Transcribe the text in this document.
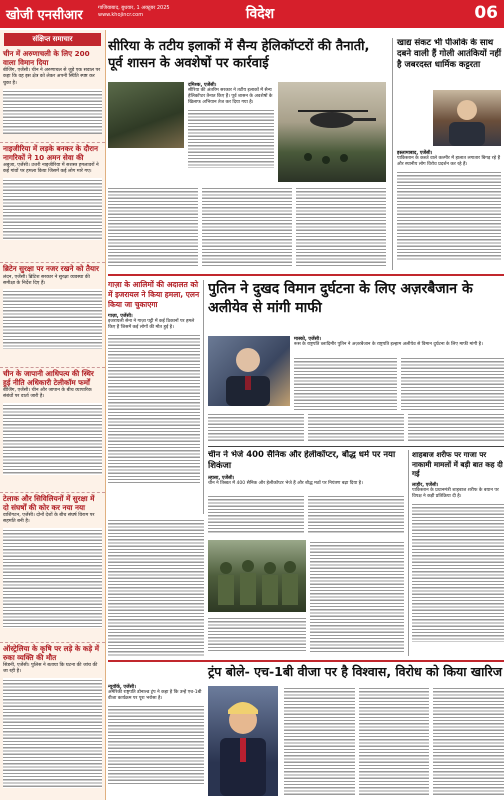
खोजी एनसीआर	गाजियाबाद, बुधवार, 1 अक्टूबर 2025
www.khojincr.com	विदेश	06
संक्षिप्त समाचार
चीन में अरुणाचली के लिए 200 वाला विमान दिया
बीजिंग, एजेंसी। चीन ने अरुणाचल से जुड़े एक सवाल पर कहा कि वह इस क्षेत्र को लेकर अपनी स्थिति स्पष्ट कर चुका है।
नाइजीरिया में लड़के बनकर के दौरान नागरिकों ने 10 अमन सेवा की
अबुजा, एजेंसी। उत्तरी नाइजीरिया में सशस्त्र हमलावरों ने कई गांवों पर हमला किया जिसमें कई लोग मारे गए।
ब्रिटेन सुरक्षा पर नजर रखने को तैयार
लंदन, एजेंसी। ब्रिटिश सरकार ने सुरक्षा व्यवस्था की समीक्षा के निर्देश दिए हैं।
चीन के जापानी आधिपत्य की स्थिर हुई नीति अधिकारी टेलीकॉम फर्मों
बीजिंग, एजेंसी। चीन और जापान के बीच व्यापारिक संबंधों पर वार्ता जारी है।
टेलाक और सिविलियनों में सुरक्षा में दो संघर्षों की कोर कर नया नया
वाशिंगटन, एजेंसी। दोनों देशों के बीच संघर्ष विराम पर सहमति बनी है।
ऑस्ट्रेलिया के कृषि पर लड़े के कड़े में रुका व्यक्ति की मौत
सिडनी, एजेंसी। पुलिस ने बताया कि घटना की जांच की जा रही है।
सीरिया के तटीय इलाकों में सैन्य हेलिकॉप्टरों की तैनाती, पूर्व शासन के अवशेषों पर कार्रवाई
दमिश्क, एजेंसी।
सीरिया की अंतरिम सरकार ने तटीय इलाकों में सैन्य हेलिकॉप्टर तैनात किए हैं। पूर्व शासन के अवशेषों के खिलाफ अभियान तेज कर दिया गया है।
खाद्य संकट भी पीओके के साथ दबने वाली हैं गोली आतंकियों नहीं है जबरदस्त धार्मिक कट्टरता
इस्लामाबाद, एजेंसी।
पाकिस्तान के कब्जे वाले कश्मीर में हालात लगातार बिगड़ रहे हैं और स्थानीय लोग विरोध प्रदर्शन कर रहे हैं।
पुतिन ने दुखद विमान दुर्घटना के लिए अज़रबैजान के अलीयेव से मांगी माफी
गाज़ा के आलिमों की अदालत को में इजरायल ने किया हमला, एलन किया जा चुकाएगा
गाज़ा, एजेंसी।
इजरायली सेना ने गाज़ा पट्टी में कई ठिकानों पर हमले किए हैं जिसमें कई लोगों की मौत हुई है।
मास्को, एजेंसी।
रूस के राष्ट्रपति व्लादिमीर पुतिन ने अज़रबैजान के राष्ट्रपति इल्हाम अलीयेव से विमान दुर्घटना के लिए माफी मांगी है।
चीन ने भेजे 400 सैनिक और हेलीकॉप्टर, बौद्ध धर्म पर नया शिकंजा
ल्हासा, एजेंसी।
चीन ने तिब्बत में 400 सैनिक और हेलीकॉप्टर भेजे हैं और बौद्ध मठों पर नियंत्रण बढ़ा दिया है।
शाहबाज शरीफ पर गाजा पर नाकामी मामलों में बड़ी बात कह दी गई
लाहौर, एजेंसी।
पाकिस्तान के प्रधानमंत्री शाहबाज शरीफ के बयान पर विपक्ष ने कड़ी प्रतिक्रिया दी है।
ट्रंप बोले- एच-1बी वीजा पर है विश्वास, विरोध को किया खारिज
न्यूयॉर्क, एजेंसी।
अमेरिकी राष्ट्रपति डोनाल्ड ट्रंप ने कहा है कि उन्हें एच-1बी वीजा कार्यक्रम पर पूरा भरोसा है।
